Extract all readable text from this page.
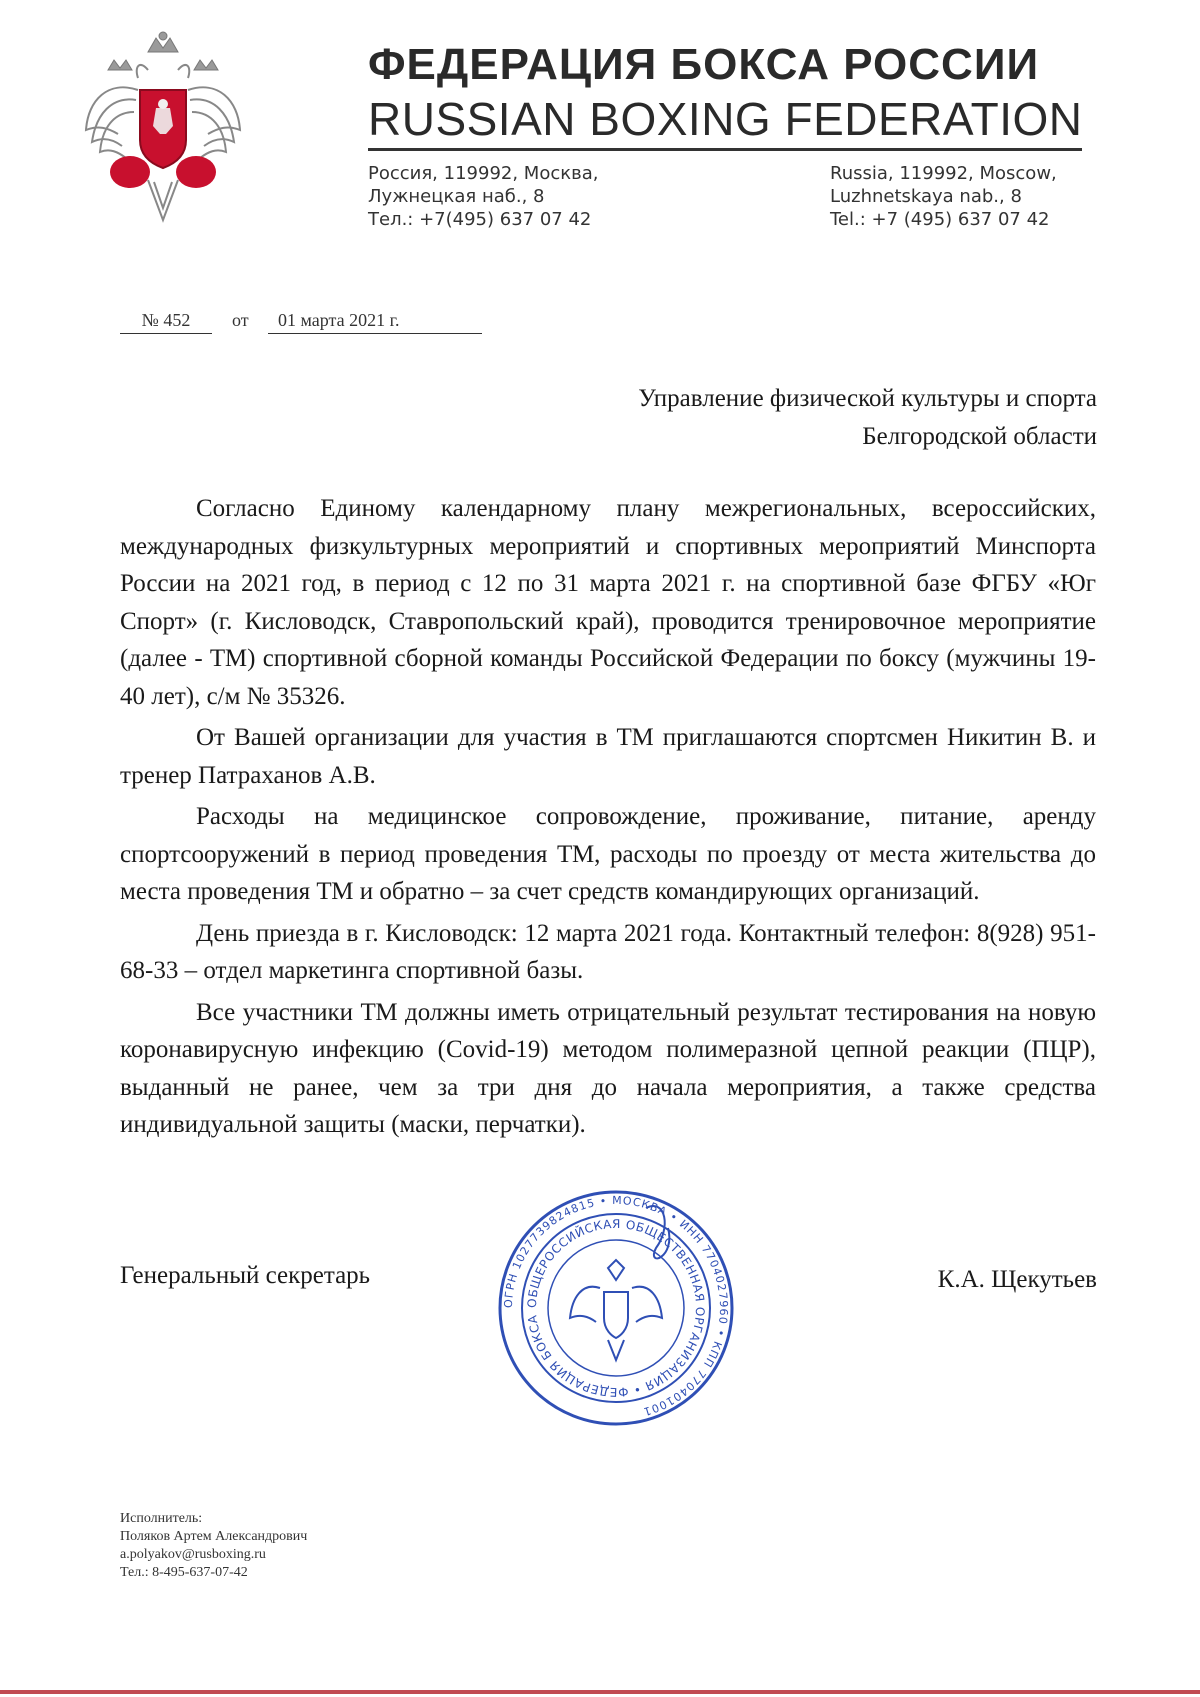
ФЕДЕРАЦИЯ БОКСА РОССИИ
RUSSIAN BOXING FEDERATION
Россия, 119992, Москва,
Лужнецкая наб., 8
Тел.: +7(495) 637 07 42
Russia, 119992, Moscow,
Luzhnetskaya nab., 8
Tel.: +7 (495) 637 07 42
№ 452	от	01 марта 2021 г.
Управление физической культуры и спорта
Белгородской области

Согласно Единому календарному плану межрегиональных, всероссийских, международных физкультурных мероприятий и спортивных мероприятий Минспорта России на 2021 год, в период с 12 по 31 марта 2021 г. на спортивной базе ФГБУ «Юг Спорт» (г. Кисловодск, Ставропольский край), проводится тренировочное мероприятие (далее - ТМ) спортивной сборной команды Российской Федерации по боксу (мужчины 19-40 лет), с/м № 35326.

От Вашей организации для участия в ТМ приглашаются спортсмен Никитин В. и тренер Патраханов А.В.

Расходы на медицинское сопровождение, проживание, питание, аренду спортсооружений в период проведения ТМ, расходы по проезду от места жительства до места проведения ТМ и обратно – за счет средств командирующих организаций.

День приезда в г. Кисловодск: 12 марта 2021 года. Контактный телефон: 8(928) 951-68-33 – отдел маркетинга спортивной базы.

Все участники ТМ должны иметь отрицательный результат тестирования на новую коронавирусную инфекцию (Covid-19) методом полимеразной цепной реакции (ПЦР), выданный не ранее, чем за три дня до начала мероприятия, а также средства индивидуальной защиты (маски, перчатки).

ОГРН 1027739824815 • МОСКВА • ИНН 7704027960 • КПП 770401001
ОБЩЕРОССИЙСКАЯ ОБЩЕСТВЕННАЯ ОРГАНИЗАЦИЯ • ФЕДЕРАЦИЯ БОКСА
Генеральный секретарь	К.А. Щекутьев
Исполнитель:
Поляков Артем Александрович
a.polyakov@rusboxing.ru
Тел.: 8-495-637-07-42
